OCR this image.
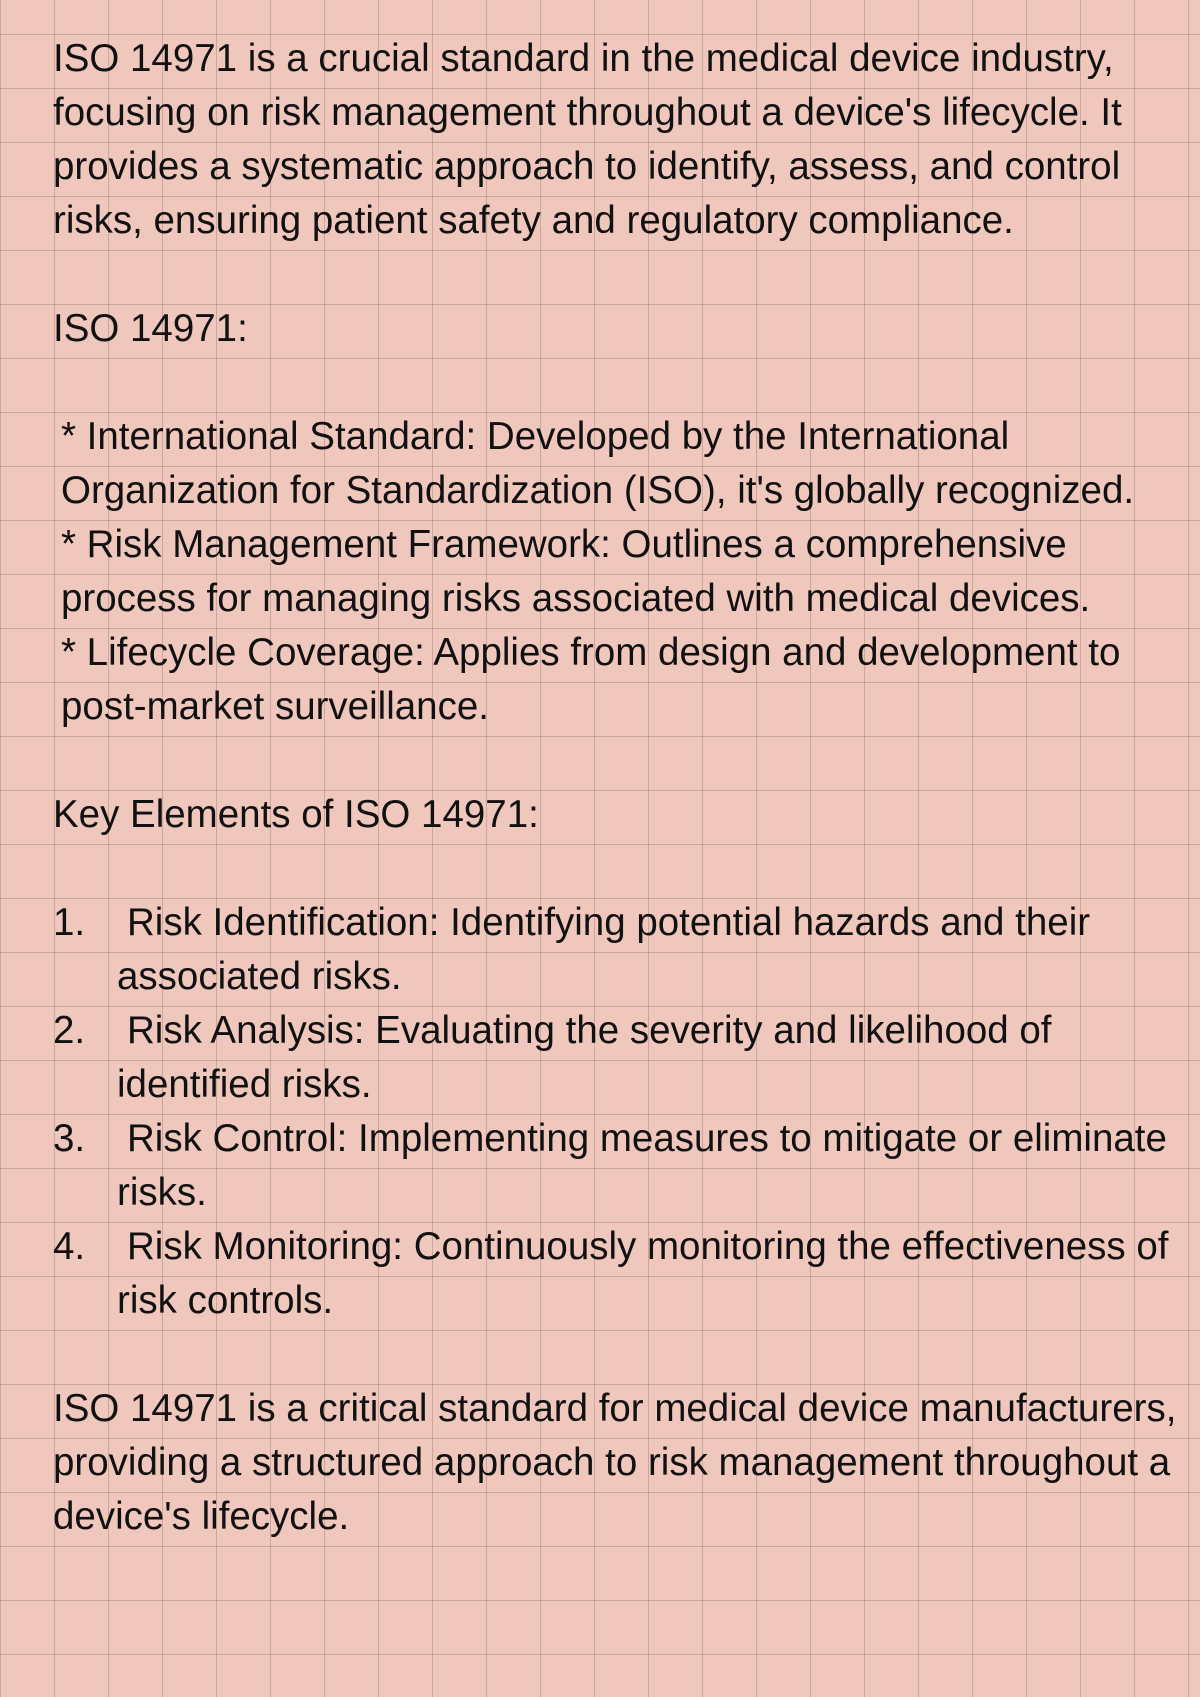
ISO 14971 is a crucial standard in the medical device industry, focusing on risk management throughout a device's lifecycle. It provides a systematic approach to identify, assess, and control risks, ensuring patient safety and regulatory compliance.

ISO 14971:

* International Standard: Developed by the International Organization for Standardization (ISO), it's globally recognized.

* Risk Management Framework: Outlines a comprehensive process for managing risks associated with medical devices.

* Lifecycle Coverage: Applies from design and development to post-market surveillance.

Key Elements of ISO 14971:

1. Risk Identification: Identifying potential hazards and their associated risks.
2. Risk Analysis: Evaluating the severity and likelihood of identified risks.
3. Risk Control: Implementing measures to mitigate or eliminate risks.
4. Risk Monitoring: Continuously monitoring the effectiveness of risk controls.

ISO 14971 is a critical standard for medical device manufacturers, providing a structured approach to risk management throughout a device's lifecycle.
